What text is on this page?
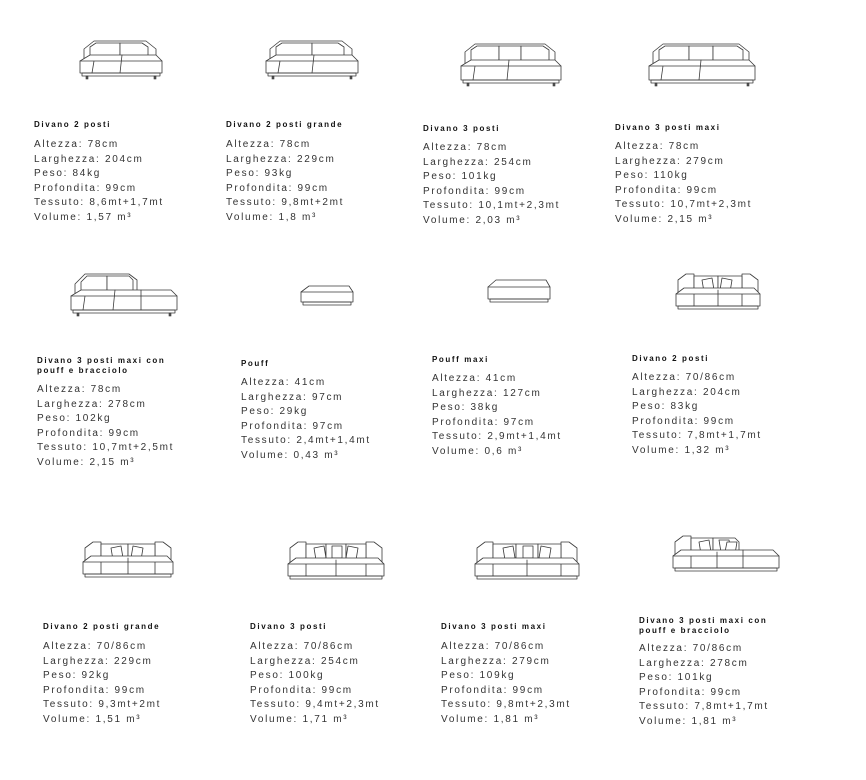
Divano 2 posti
Altezza: 78cm
Larghezza: 204cm
Peso: 84kg
Profondita: 99cm
Tessuto: 8,6mt+1,7mt
Volume: 1,57 m³
Divano 2 posti grande
Altezza: 78cm
Larghezza: 229cm
Peso: 93kg
Profondita: 99cm
Tessuto: 9,8mt+2mt
Volume: 1,8 m³
Divano 3 posti
Altezza: 78cm
Larghezza: 254cm
Peso: 101kg
Profondita: 99cm
Tessuto: 10,1mt+2,3mt
Volume: 2,03 m³
Divano 3 posti maxi
Altezza: 78cm
Larghezza: 279cm
Peso: 110kg
Profondita: 99cm
Tessuto: 10,7mt+2,3mt
Volume: 2,15 m³
Divano 3 posti maxi con
pouff e bracciolo
Altezza: 78cm
Larghezza: 278cm
Peso: 102kg
Profondita: 99cm
Tessuto: 10,7mt+2,5mt
Volume: 2,15 m³
Pouff
Altezza: 41cm
Larghezza: 97cm
Peso: 29kg
Profondita: 97cm
Tessuto: 2,4mt+1,4mt
Volume: 0,43 m³
Pouff maxi
Altezza: 41cm
Larghezza: 127cm
Peso: 38kg
Profondita: 97cm
Tessuto: 2,9mt+1,4mt
Volume: 0,6 m³
Divano 2 posti
Altezza: 70/86cm
Larghezza: 204cm
Peso: 83kg
Profondita: 99cm
Tessuto: 7,8mt+1,7mt
Volume: 1,32 m³
Divano 2 posti grande
Altezza: 70/86cm
Larghezza: 229cm
Peso: 92kg
Profondita: 99cm
Tessuto: 9,3mt+2mt
Volume: 1,51 m³
Divano 3 posti
Altezza: 70/86cm
Larghezza: 254cm
Peso: 100kg
Profondita: 99cm
Tessuto: 9,4mt+2,3mt
Volume: 1,71 m³
Divano 3 posti maxi
Altezza: 70/86cm
Larghezza: 279cm
Peso: 109kg
Profondita: 99cm
Tessuto: 9,8mt+2,3mt
Volume: 1,81 m³
Divano 3 posti maxi con
pouff e bracciolo
Altezza: 70/86cm
Larghezza: 278cm
Peso: 101kg
Profondita: 99cm
Tessuto: 7,8mt+1,7mt
Volume: 1,81 m³
